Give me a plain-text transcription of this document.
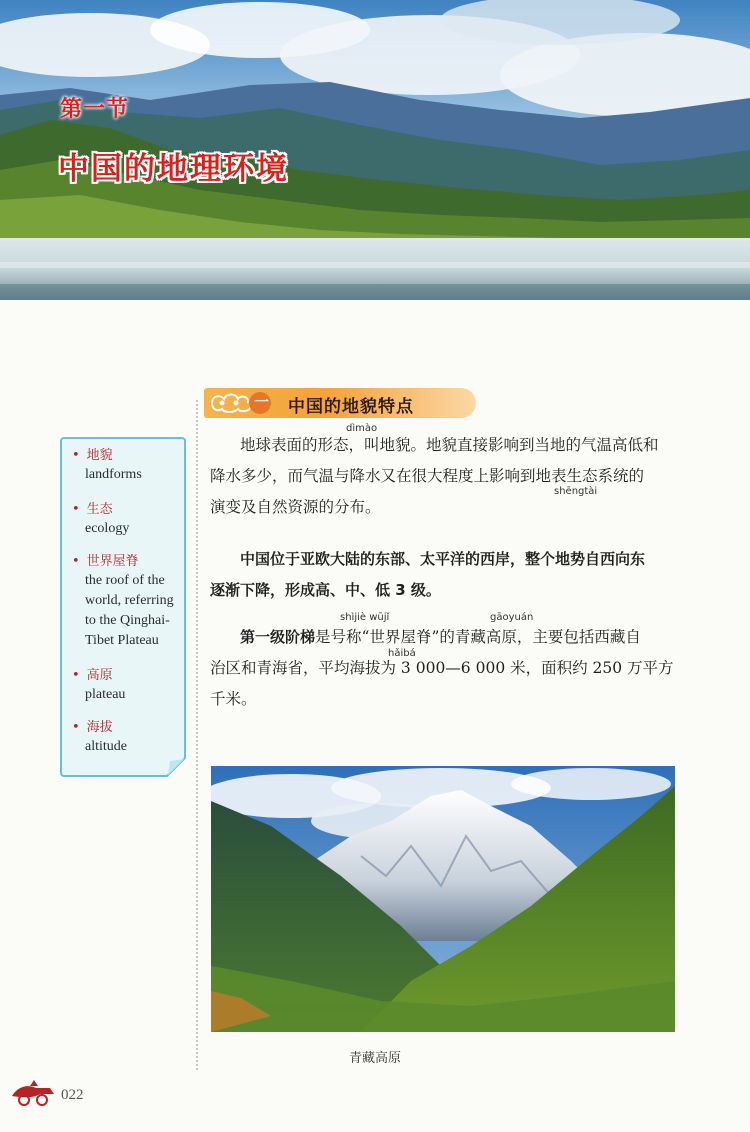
第一节
中国的地理环境
一 中国的地貌特点
• 地貌
landforms
• 生态
ecology
• 世界屋脊
the roof of the
world, referring
to the Qinghai-
Tibet Plateau
• 高原
plateau
• 海拔
altitude
dìmào
shēngtài
地球表面的形态，叫地貌。地貌直接影响到当地的气温高低和
降水多少，而气温与降水又在很大程度上影响到地表生态系统的
演变及自然资源的分布。
中国位于亚欧大陆的东部、太平洋的西岸，整个地势自西向东
逐渐下降，形成高、中、低 3 级。
shìjiè wūjǐ	gāoyuán
hǎibá
第一级阶梯是号称“世界屋脊”的青藏高原，主要包括西藏自
治区和青海省，平均海拔为 3 000—6 000 米，面积约 250 万平方
千米。
青藏高原
022
